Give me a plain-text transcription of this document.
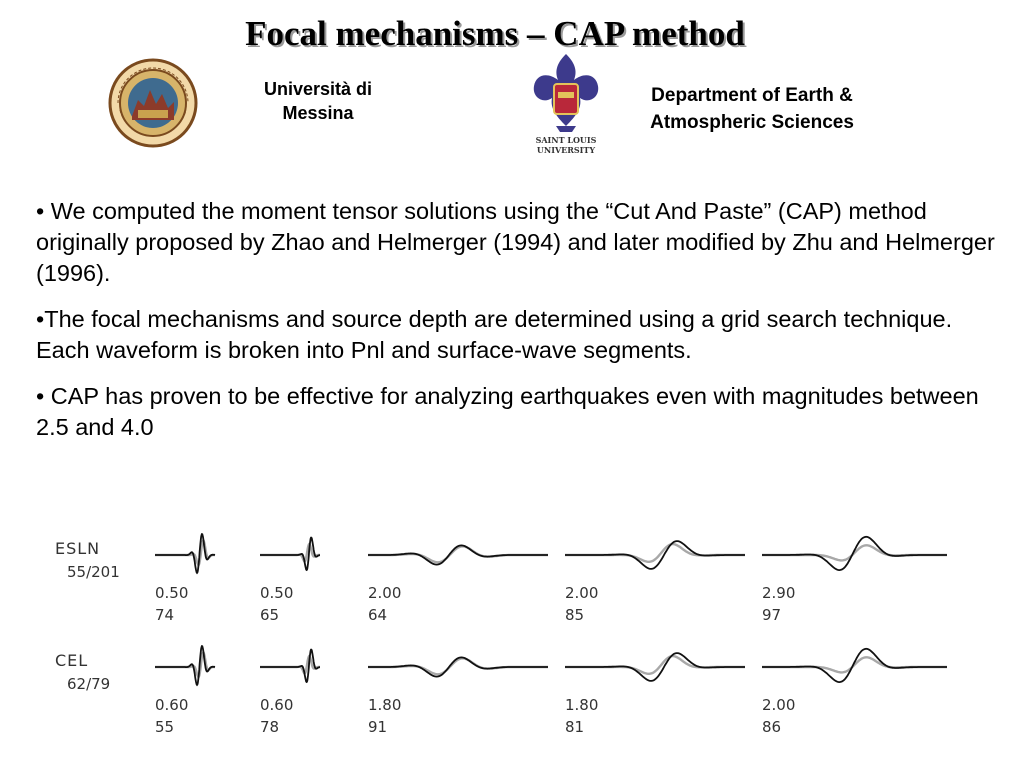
Focal mechanisms – CAP method
Università di
Messina
SAINT LOUIS
UNIVERSITY
Department of Earth &
Atmospheric Sciences

• We computed the moment tensor solutions using the “Cut And Paste” (CAP) method originally proposed by Zhao and Helmerger (1994) and later modified by Zhu and Helmerger (1996).

•The focal mechanisms and source depth are determined using a grid search technique. Each waveform is broken into Pnl and surface-wave segments.

• CAP has proven to be effective for analyzing earthquakes even with magnitudes between 2.5 and 4.0

ESLN
55/201
0.50
74
0.50
65
2.00
64
2.00
85
2.90
97
CEL
62/79
0.60
55
0.60
78
1.80
91
1.80
81
2.00
86
